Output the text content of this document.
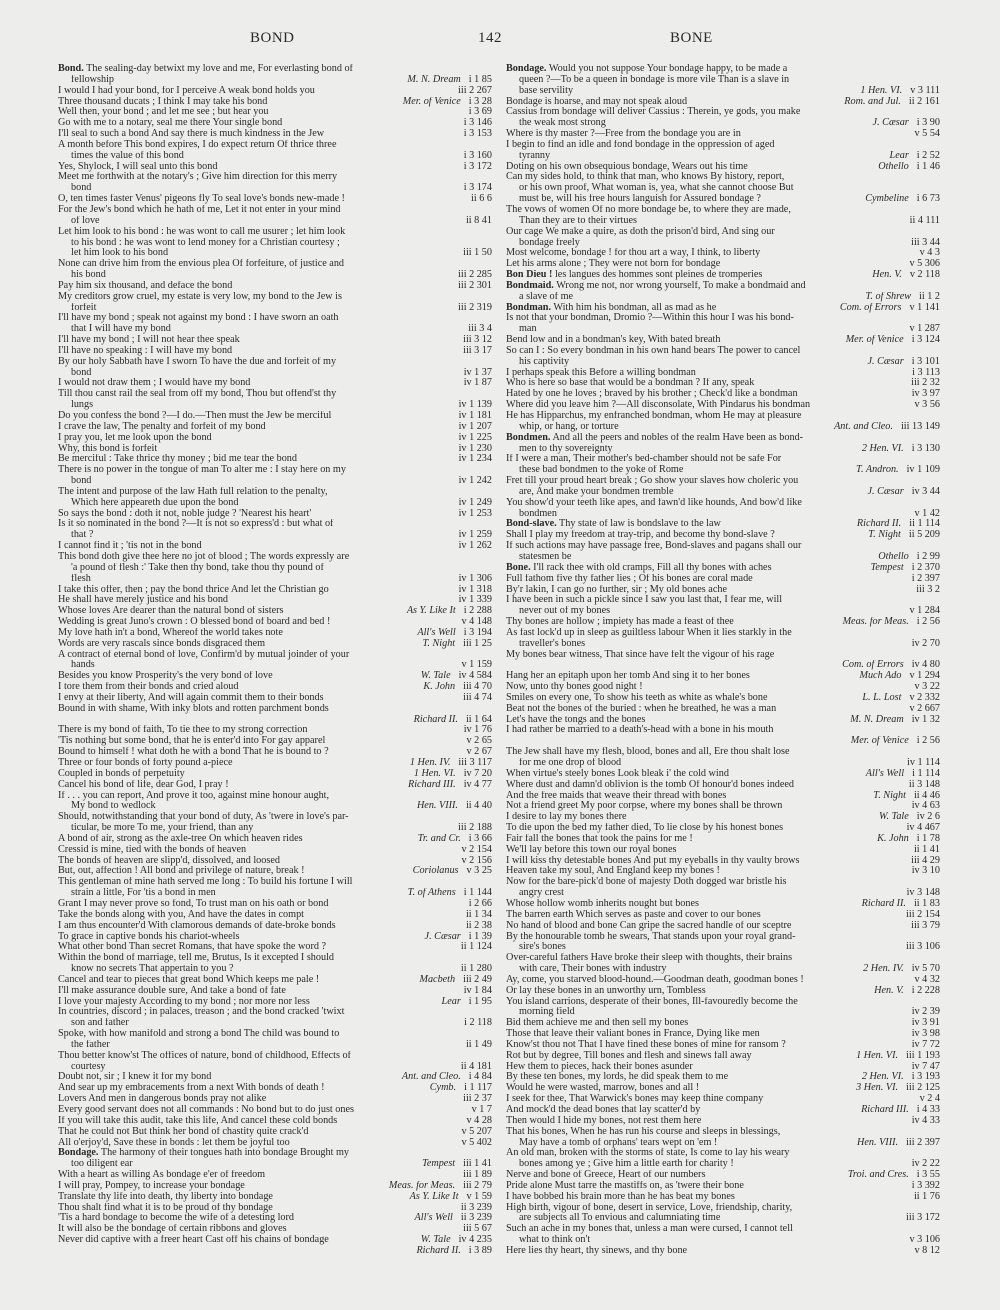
BOND	142	BONE
Bond. The sealing-day betwixt my love and me, For everlasting bond of
fellowship	M. N. Dream i 1 85
I would I had your bond, for I perceive A weak bond holds you	iii 2 267
Three thousand ducats ; I think I may take his bond	Mer. of Venice i 3 28
Well then, your bond ; and let me see ; but hear you	i 3 69
Go with me to a notary, seal me there Your single bond	i 3 146
I'll seal to such a bond And say there is much kindness in the Jew	i 3 153
A month before This bond expires, I do expect return Of thrice three
times the value of this bond	i 3 160
Yes, Shylock, I will seal unto this bond	i 3 172
Meet me forthwith at the notary's ; Give him direction for this merry
bond	i 3 174
O, ten times faster Venus' pigeons fly To seal love's bonds new-made !	ii 6 6
For the Jew's bond which he hath of me, Let it not enter in your mind
of love	ii 8 41
Let him look to his bond : he was wont to call me usurer ; let him look
to his bond : he was wont to lend money for a Christian courtesy ;
let him look to his bond	iii 1 50
None can drive him from the envious plea Of forfeiture, of justice and
his bond	iii 2 285
Pay him six thousand, and deface the bond	iii 2 301
My creditors grow cruel, my estate is very low, my bond to the Jew is
forfeit	iii 2 319
I'll have my bond ; speak not against my bond : I have sworn an oath
that I will have my bond	iii 3 4
I'll have my bond ; I will not hear thee speak	iii 3 12
I'll have no speaking : I will have my bond	iii 3 17
By our holy Sabbath have I sworn To have the due and forfeit of my
bond	iv 1 37
I would not draw them ; I would have my bond	iv 1 87
Till thou canst rail the seal from off my bond, Thou but offend'st thy
lungs	iv 1 139
Do you confess the bond ?—I do.—Then must the Jew be merciful	iv 1 181
I crave the law, The penalty and forfeit of my bond	iv 1 207
I pray you, let me look upon the bond	iv 1 225
Why, this bond is forfeit	iv 1 230
Be merciful : Take thrice thy money ; bid me tear the bond	iv 1 234
There is no power in the tongue of man To alter me : I stay here on my
bond	iv 1 242
The intent and purpose of the law Hath full relation to the penalty,
Which here appeareth due upon the bond	iv 1 249
So says the bond : doth it not, noble judge ? 'Nearest his heart'	iv 1 253
Is it so nominated in the bond ?—It is not so express'd : but what of
that ?	iv 1 259
I cannot find it ; 'tis not in the bond	iv 1 262
This bond doth give thee here no jot of blood ; The words expressly are
'a pound of flesh :' Take then thy bond, take thou thy pound of
flesh	iv 1 306
I take this offer, then ; pay the bond thrice And let the Christian go	iv 1 318
He shall have merely justice and his bond	iv 1 339
Whose loves Are dearer than the natural bond of sisters	As Y. Like It i 2 288
Wedding is great Juno's crown : O blessed bond of board and bed !	v 4 148
My love hath in't a bond, Whereof the world takes note	All's Well i 3 194
Words are very rascals since bonds disgraced them	T. Night iii 1 25
A contract of eternal bond of love, Confirm'd by mutual joinder of your
hands	v 1 159
Besides you know Prosperity's the very bond of love	W. Tale iv 4 584
I tore them from their bonds and cried aloud	K. John iii 4 70
I envy at their liberty, And will again commit them to their bonds	iii 4 74
Bound in with shame, With inky blots and rotten parchment bonds
Richard II. ii 1 64
There is my bond of faith, To tie thee to my strong correction	iv 1 76
'Tis nothing but some bond, that he is enter'd into For gay apparel	v 2 65
Bound to himself ! what doth he with a bond That he is bound to ?	v 2 67
Three or four bonds of forty pound a-piece	1 Hen. IV. iii 3 117
Coupled in bonds of perpetuity	1 Hen. VI. iv 7 20
Cancel his bond of life, dear God, I pray !	Richard III. iv 4 77
If . . . you can report, And prove it too, against mine honour aught,
My bond to wedlock	Hen. VIII. ii 4 40
Should, notwithstanding that your bond of duty, As 'twere in love's par-
ticular, be more To me, your friend, than any	iii 2 188
A bond of air, strong as the axle-tree On which heaven rides	Tr. and Cr. i 3 66
Cressid is mine, tied with the bonds of heaven	v 2 154
The bonds of heaven are slipp'd, dissolved, and loosed	v 2 156
But, out, affection ! All bond and privilege of nature, break !	Coriolanus v 3 25
This gentleman of mine hath served me long : To build his fortune I will
strain a little, For 'tis a bond in men	T. of Athens i 1 144
Grant I may never prove so fond, To trust man on his oath or bond	i 2 66
Take the bonds along with you, And have the dates in compt	ii 1 34
I am thus encounter'd With clamorous demands of date-broke bonds	ii 2 38
To grace in captive bonds his chariot-wheels	J. Cæsar i 1 39
What other bond Than secret Romans, that have spoke the word ?	ii 1 124
Within the bond of marriage, tell me, Brutus, Is it excepted I should
know no secrets That appertain to you ?	ii 1 280
Cancel and tear to pieces that great bond Which keeps me pale !	Macbeth iii 2 49
I'll make assurance double sure, And take a bond of fate	iv 1 84
I love your majesty According to my bond ; nor more nor less	Lear i 1 95
In countries, discord ; in palaces, treason ; and the bond cracked 'twixt
son and father	i 2 118
Spoke, with how manifold and strong a bond The child was bound to
the father	ii 1 49
Thou better know'st The offices of nature, bond of childhood, Effects of
courtesy	ii 4 181
Doubt not, sir ; I knew it for my bond	Ant. and Cleo. i 4 84
And sear up my embracements from a next With bonds of death !	Cymb. i 1 117
Lovers And men in dangerous bonds pray not alike	iii 2 37
Every good servant does not all commands : No bond but to do just ones	v 1 7
If you will take this audit, take this life, And cancel these cold bonds	v 4 28
That he could not But think her bond of chastity quite crack'd	v 5 207
All o'erjoy'd, Save these in bonds : let them be joyful too	v 5 402
Bondage. The harmony of their tongues hath into bondage Brought my
too diligent ear	Tempest iii 1 41
With a heart as willing As bondage e'er of freedom	iii 1 89
I will pray, Pompey, to increase your bondage	Meas. for Meas. iii 2 79
Translate thy life into death, thy liberty into bondage	As Y. Like It v 1 59
Thou shalt find what it is to be proud of thy bondage	ii 3 239
'Tis a hard bondage to become the wife of a detesting lord	All's Well ii 3 239
It will also be the bondage of certain ribbons and gloves	iii 5 67
Never did captive with a freer heart Cast off his chains of bondage	W. Tale iv 4 235
Richard II. i 3 89
Bondage. Would you not suppose Your bondage happy, to be made a
queen ?—To be a queen in bondage is more vile Than is a slave in
base servility	1 Hen. VI. v 3 111
Bondage is hoarse, and may not speak aloud	Rom. and Jul. ii 2 161
Cassius from bondage will deliver Cassius : Therein, ye gods, you make
the weak most strong	J. Cæsar i 3 90
Where is thy master ?—Free from the bondage you are in	v 5 54
I begin to find an idle and fond bondage in the oppression of aged
tyranny	Lear i 2 52
Doting on his own obsequious bondage, Wears out his time	Othello i 1 46
Can my sides hold, to think that man, who knows By history, report,
or his own proof, What woman is, yea, what she cannot choose But
must be, will his free hours languish for Assured bondage ?	Cymbeline i 6 73
The vows of women Of no more bondage be, to where they are made,
Than they are to their virtues	ii 4 111
Our cage We make a quire, as doth the prison'd bird, And sing our
bondage freely	iii 3 44
Most welcome, bondage ! for thou art a way, I think, to liberty	v 4 3
Let his arms alone ; They were not born for bondage	v 5 306
Bon Dieu ! les langues des hommes sont pleines de tromperies	Hen. V. v 2 118
Bondmaid. Wrong me not, nor wrong yourself, To make a bondmaid and
a slave of me	T. of Shrew ii 1 2
Bondman. With him his bondman, all as mad as he	Com. of Errors v 1 141
Is not that your bondman, Dromio ?—Within this hour I was his bond-
man	v 1 287
Bend low and in a bondman's key, With bated breath	Mer. of Venice i 3 124
So can I : So every bondman in his own hand bears The power to cancel
his captivity	J. Cæsar i 3 101
I perhaps speak this Before a willing bondman	i 3 113
Who is here so base that would be a bondman ? If any, speak	iii 2 32
Hated by one he loves ; braved by his brother ; Check'd like a bondman	iv 3 97
Where did you leave him ?—All disconsolate, With Pindarus his bondman	v 3 56
He has Hipparchus, my enfranched bondman, whom He may at pleasure
whip, or hang, or torture	Ant. and Cleo. iii 13 149
Bondmen. And all the peers and nobles of the realm Have been as bond-
men to thy sovereignty	2 Hen. VI. i 3 130
If I were a man, Their mother's bed-chamber should not be safe For
these bad bondmen to the yoke of Rome	T. Andron. iv 1 109
Fret till your proud heart break ; Go show your slaves how choleric you
are, And make your bondmen tremble	J. Cæsar iv 3 44
You show'd your teeth like apes, and fawn'd like hounds, And bow'd like
bondmen	v 1 42
Bond-slave. Thy state of law is bondslave to the law	Richard II. ii 1 114
Shall I play my freedom at tray-trip, and become thy bond-slave ?	T. Night ii 5 209
If such actions may have passage free, Bond-slaves and pagans shall our
statesmen be	Othello i 2 99
Bone. I'll rack thee with old cramps, Fill all thy bones with aches	Tempest i 2 370
Full fathom five thy father lies ; Of his bones are coral made	i 2 397
By'r lakin, I can go no further, sir ; My old bones ache	iii 3 2
I have been in such a pickle since I saw you last that, I fear me, will
never out of my bones	v 1 284
Thy bones are hollow ; impiety has made a feast of thee	Meas. for Meas. i 2 56
As fast lock'd up in sleep as guiltless labour When it lies starkly in the
traveller's bones	iv 2 70
My bones bear witness, That since have felt the vigour of his rage
Com. of Errors iv 4 80
Hang her an epitaph upon her tomb And sing it to her bones	Much Ado v 1 294
Now, unto thy bones good night !	v 3 22
Smiles on every one, To show his teeth as white as whale's bone	L. L. Lost v 2 332
Beat not the bones of the buried : when he breathed, he was a man	v 2 667
Let's have the tongs and the bones	M. N. Dream iv 1 32
I had rather be married to a death's-head with a bone in his mouth
Mer. of Venice i 2 56
The Jew shall have my flesh, blood, bones and all, Ere thou shalt lose
for me one drop of blood	iv 1 114
When virtue's steely bones Look bleak i' the cold wind	All's Well i 1 114
Where dust and damn'd oblivion is the tomb Of honour'd bones indeed	ii 3 148
And the free maids that weave their thread with bones	T. Night ii 4 46
Not a friend greet My poor corpse, where my bones shall be thrown	iv 4 63
I desire to lay my bones there	W. Tale iv 2 6
To die upon the bed my father died, To lie close by his honest bones	iv 4 467
Fair fall the bones that took the pains for me !	K. John i 1 78
We'll lay before this town our royal bones	ii 1 41
I will kiss thy detestable bones And put my eyeballs in thy vaulty brows	iii 4 29
Heaven take my soul, And England keep my bones !	iv 3 10
Now for the bare-pick'd bone of majesty Doth dogged war bristle his
angry crest	iv 3 148
Whose hollow womb inherits nought but bones	Richard II. ii 1 83
The barren earth Which serves as paste and cover to our bones	iii 2 154
No hand of blood and bone Can gripe the sacred handle of our sceptre	iii 3 79
By the honourable tomb he swears, That stands upon your royal grand-
sire's bones	iii 3 106
Over-careful fathers Have broke their sleep with thoughts, their brains
with care, Their bones with industry	2 Hen. IV. iv 5 70
Ay, come, you starved blood-hound.—Goodman death, goodman bones !	v 4 32
Or lay these bones in an unworthy urn, Tombless	Hen. V. i 2 228
You island carrions, desperate of their bones, Ill-favouredly become the
morning field	iv 2 39
Bid them achieve me and then sell my bones	iv 3 91
Those that leave their valiant bones in France, Dying like men	iv 3 98
Know'st thou not That I have fined these bones of mine for ransom ?	iv 7 72
Rot but by degree, Till bones and flesh and sinews fall away	1 Hen. VI. iii 1 193
Hew them to pieces, hack their bones asunder	iv 7 47
By these ten bones, my lords, he did speak them to me	2 Hen. VI. i 3 193
Would he were wasted, marrow, bones and all !	3 Hen. VI. iii 2 125
I seek for thee, That Warwick's bones may keep thine company	v 2 4
And mock'd the dead bones that lay scatter'd by	Richard III. i 4 33
Then would I hide my bones, not rest them here	iv 4 33
That his bones, When he has run his course and sleeps in blessings,
May have a tomb of orphans' tears wept on 'em !	Hen. VIII. iii 2 397
An old man, broken with the storms of state, Is come to lay his weary
bones among ye ; Give him a little earth for charity !	iv 2 22
Nerve and bone of Greece, Heart of our numbers	Troi. and Cres. i 3 55
Pride alone Must tarre the mastiffs on, as 'twere their bone	i 3 392
I have bobbed his brain more than he has beat my bones	ii 1 76
High birth, vigour of bone, desert in service, Love, friendship, charity,
are subjects all To envious and calumniating time	iii 3 172
Such an ache in my bones that, unless a man were cursed, I cannot tell
what to think on't	v 3 106
Here lies thy heart, thy sinews, and thy bone	v 8 12
